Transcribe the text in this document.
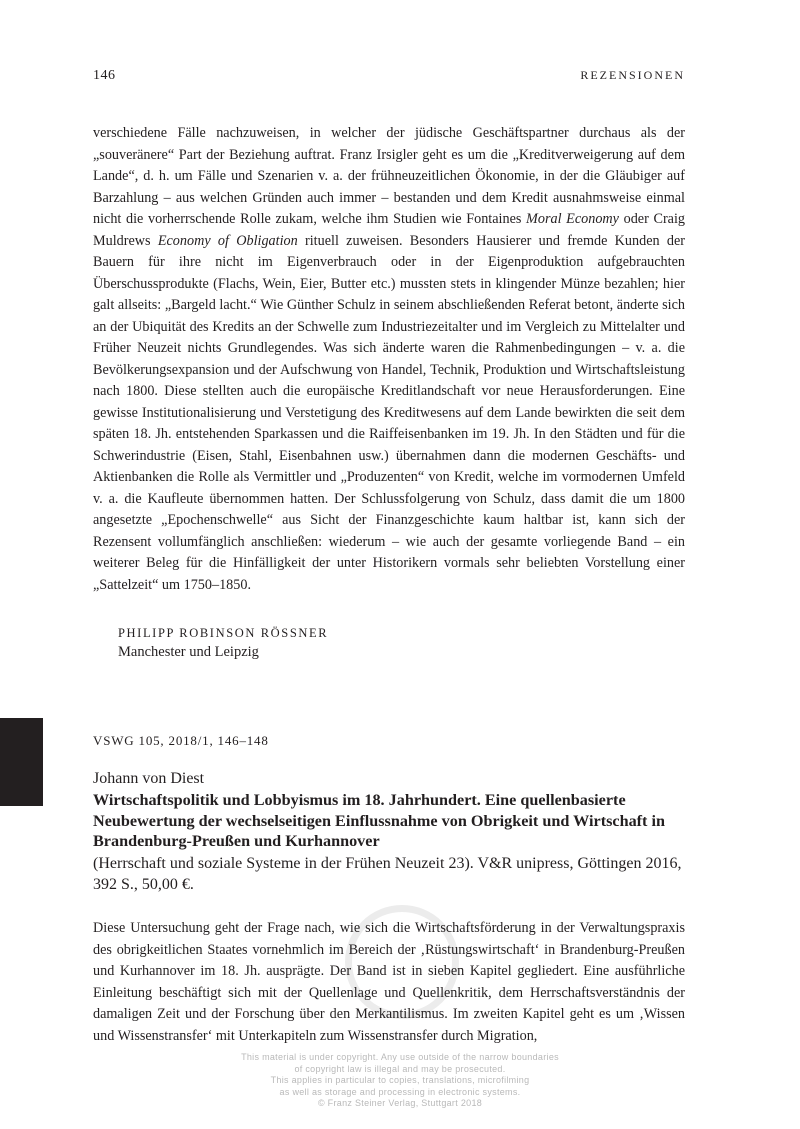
146	REZENSIONEN

verschiedene Fälle nachzuweisen, in welcher der jüdische Geschäftspartner durchaus als der „souveränere“ Part der Beziehung auftrat. Franz Irsigler geht es um die „Kreditverweigerung auf dem Lande“, d. h. um Fälle und Szenarien v. a. der frühneuzeitlichen Ökonomie, in der die Gläubiger auf Barzahlung – aus welchen Gründen auch immer – bestanden und dem Kredit ausnahmsweise einmal nicht die vorherrschende Rolle zukam, welche ihm Studien wie Fontaines Moral Economy oder Craig Muldrews Economy of Obligation rituell zuweisen. Besonders Hausierer und fremde Kunden der Bauern für ihre nicht im Eigenverbrauch oder in der Eigenproduktion aufgebrauchten Überschussprodukte (Flachs, Wein, Eier, Butter etc.) mussten stets in klingender Münze bezahlen; hier galt allseits: „Bargeld lacht.“ Wie Günther Schulz in seinem abschließenden Referat betont, änderte sich an der Ubiquität des Kredits an der Schwelle zum Industriezeitalter und im Vergleich zu Mittelalter und Früher Neuzeit nichts Grundlegendes. Was sich änderte waren die Rahmenbedingungen – v. a. die Bevölkerungsexpansion und der Aufschwung von Handel, Technik, Produktion und Wirtschaftsleistung nach 1800. Diese stellten auch die europäische Kreditlandschaft vor neue Herausforderungen. Eine gewisse Institutionalisierung und Verstetigung des Kreditwesens auf dem Lande bewirkten die seit dem späten 18. Jh. entstehenden Sparkassen und die Raiffeisenbanken im 19. Jh. In den Städten und für die Schwerindustrie (Eisen, Stahl, Eisenbahnen usw.) übernahmen dann die modernen Geschäfts- und Aktienbanken die Rolle als Vermittler und „Produzenten“ von Kredit, welche im vormodernen Umfeld v. a. die Kaufleute übernommen hatten. Der Schlussfolgerung von Schulz, dass damit die um 1800 angesetzte „Epochenschwelle“ aus Sicht der Finanzgeschichte kaum haltbar ist, kann sich der Rezensent vollumfänglich anschließen: wiederum – wie auch der gesamte vorliegende Band – ein weiterer Beleg für die Hinfälligkeit der unter Historikern vormals sehr beliebten Vorstellung einer „Sattelzeit“ um 1750–1850.

PHILIPP ROBINSON RÖSSNER
Manchester und Leipzig
VSWG 105, 2018/1, 146–148
Johann von Diest
Wirtschaftspolitik und Lobbyismus im 18. Jahrhundert. Eine quellenbasierte Neubewertung der wechselseitigen Einflussnahme von Obrigkeit und Wirtschaft in Brandenburg-Preußen und Kurhannover
(Herrschaft und soziale Systeme in der Frühen Neuzeit 23). V&R unipress, Göttingen 2016, 392 S., 50,00 €.

Diese Untersuchung geht der Frage nach, wie sich die Wirtschaftsförderung in der Verwaltungspraxis des obrigkeitlichen Staates vornehmlich im Bereich der ‚Rüstungswirtschaft‘ in Brandenburg-Preußen und Kurhannover im 18. Jh. ausprägte. Der Band ist in sieben Kapitel gegliedert. Eine ausführliche Einleitung beschäftigt sich mit der Quellenlage und Quellenkritik, dem Herrschaftsverständnis der damaligen Zeit und der Forschung über den Merkantilismus. Im zweiten Kapitel geht es um ‚Wissen und Wissenstransfer‘ mit Unterkapiteln zum Wissenstransfer durch Migration,

This material is under copyright. Any use outside of the narrow boundaries
of copyright law is illegal and may be prosecuted.
This applies in particular to copies, translations, microfilming
as well as storage and processing in electronic systems.
© Franz Steiner Verlag, Stuttgart 2018
